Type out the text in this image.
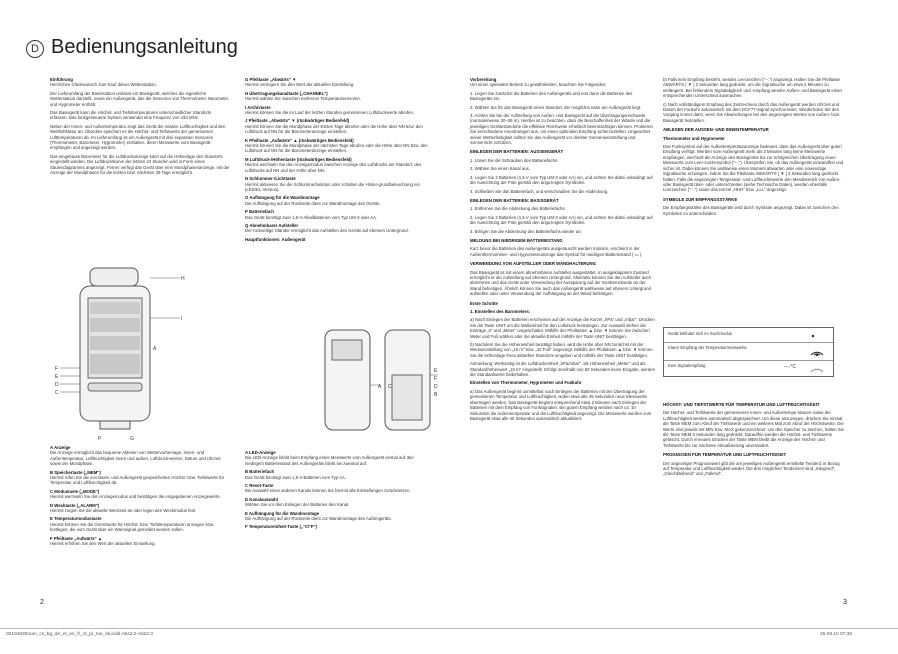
D Bedienungsanleitung

Einführung
Herzlichen Glückwunsch zum Kauf dieser Wetterstation.

Der Lieferumfang der Basisstation umfasst ein Basisgerät, welches die eigentliche Wetterstation darstellt, sowie ein Außengerät, das die Sensoren von Thermometer, Barometer und Hygrometer enthält.

Das Basisgerät kann die Höchst- und Tiefsttemperaturen unterschiedlicher Standorte erfassen. Das funkgesteuerte System verwendet eine Frequenz von 433 MHz.

Neben der Innen- und Außentemperatur zeigt das Gerät die relative Luftfeuchtigkeit und den Wetthöhfaktor an. Überdies speichert es die Höchst- und Tiefstwerte der gemessenen Lufttemperaturen ab. Im Lieferumfang ist ein Außengerät mit drei separaten Sensoren (Thermometer, Barometer, Hygrometer) enthalten, deren Messwerte vom Basisgerät empfangen und angezeigt werden.

Das eingebaute Barometer für die Luftdruckanzeige kann auf die Höhenlage des Standorts eingestellt werden. Die Luftdrucktkurve der letzten 24 Stunden wird in Form eines Säulendiagramms angezeigt. Ferner verfügt das Gerät über eine Mondphasenanzeige, mit der Anzeige der Mondphasen für die letzten bzw. nächsten 39 Tage ermöglicht.

H
I
A
F
E
D
C
P	G

A Anzeige
Die Anzeige ermöglicht das bequeme Ablesen von Wettervorhersage, Innen- und Außentemperatur, Luftfeuchtigkeit innen und außen, Luftdruck-werten, Datum und Uhrzeit sowie der Mondphase.

B Speichertaste („MEM")
Hiermit rufen Sie die von Basis- und Außengerät gespeicherten Höchst- bzw. Tiefstwerte für Temperatur und Luftfeuchtigkeit ab.

C Modustaste („MODE")
Hiermit wechseln Sie den Anzeigemodus und bestätigen die eingegebenen Anzeigewerte.

D Wecktaste („ALARM")
Hiermit zeigen Sie die aktuelle Weckzeit an oder legen den Weckmodus fest.

E Temperaturmodustaste
Hiermit können Sie die Grenzwerte für Höchst- bzw. Tiefsttemperaturen anzeigen bzw. festlegen, die vom Gerät über ein Warnsignal gemeldet werden sollen.

F Pfeiltaste „Aufwärts" ▲
Hiermit erhöhen Sie den Wert der aktuellen Einstellung.

G Pfeiltaste „Abwärts" ▼
Hiermit verringern Sie den Wert der aktuellen Einstellung.

H Übertragungskanaltaste („CHANNEL")
Hiermit wählen Sie zwischen mehreren Temperatursensoren.

I Archivtaste
Hiermit können Sie die im Lauf der letzten Stunden gemessenen Luftdruckwerte abrufen.

J Pfeiltaste „Abwärts" ▼ (rückwärtiges Bedienfeld)
Hiermit können Sie die Mondphase der letzten Tage abrufen oder die Höhe über NN bzw. den Luftdruck auf NN für die Barometeranzeige einstellen.

K Pfeiltaste „Aufwärts" ▲ (rückwärtiges Bediensfeld)
Hiermit können Sie die Mondphase der nächsten Tage abrufen oder die Höhe über NN bzw. den Luftdruck auf NN für die Barometeranzeige einstellen.

M Luftdruck-/Höhentaste (rückwärtiges Bediensfeld)
Hiermit wechseln Sie den Anzeigemodus zwischen Anzeige des Luftdrucks am Standort, des Luftdrucks auf NN und der Höhe über NN.

N Schlummer-/Lichttaste
Hiermit aktivieren Sie die Schlummerfunktion oder schalten die Hinter-grundbeleuchtung ein (LED/EL-Version).

O Aufhängung für die Wandmontage
Die Aufhängung auf der Rückseite dient zur Wandmontage des Geräts.

P Batteriefach
Das Gerät benötigt zwei 1,5-V-Alkalibatterien vom Typ UM-3 oder AA.

Q Abnehmbarer Aufsteller
Der rückseitige Ständer ermöglicht das Aufstellen des Geräts auf ebenem Untergrund.

Hauptfunktionen: Außengerät

A C
E
F
D
B

A LED-Anzeige
Die LED-Anzeige blinkt beim Empfang eines Messwerts vom Außengerät einmal auf. Bei niedrigem Batteriestand des Außengeräts blinkt sie zweimal auf.

B Batteriefach
Das Gerät benötigt zwei 1,5-V-Batterien vom Typ AA.

C Reset-Taste
Bei Auswahl eines anderen Kanals können Sie hiermit alle Einstellungen zurücksetzen.

D Kanalauswahl
Wählen Sie vor dem Einlegen der Batterien den Kanal.

E Aufhängung für die Wandmontage
Die Aufhängung auf der Rückseite dient zur Wandmontage des Außengeräts.

F Temperatureinheit-Taste („°C/°F")

Vorbereitung
Um einen optimalen Betrieb zu gewährleisten, beachten Sie Folgendes:

1. Legen Sie zunächst die Batterien des Außengeräts und erst dann die Batterien des Basisgeräts ein.

2. Wählen Sie für das Basisgerät einen Standort, der möglichst nahe am Außengerät liegt.

3. Achten Sie bei der Aufstellung von Außen- und Basisgerät auf die Übertragungsreichweite (normalerweise 30–36 m). Hierbei ist zu beachten, dass die Beschaffenheit der Wände und die jeweiligen Gerätestandorte die effektive Reichweite erheblich beeinträchtigen können. Probieren Sie verschiedene Anordnungen aus, um einen optimalen Empfang sicherzustellen. Ungeachtet seiner Wetterfestigkeit sollten Sie das Außengerät vor direkter Sonneneinstrahlung und Sonnenlicht schützen.

EINLEGEN DER BATTERIEN: AUSSENGERÄT

1. Lösen Sie die Schrauben des Batteriefachs.

2. Wählen Sie einen Kanal aus.

3. Legen Sie 2 Batterien (1,5 V vom Typ UM-3 oder AA) ein, und achten Sie dabei unbedingt auf die Ausrichtung der Pole gemäß den angezeigten Symbolen.

4. Schließen Sie das Batteriefach, und verschrauben Sie die Abdeckung.

EINLEGEN DER BATTERIEN: BASISGERÄT

1. Entfernen Sie die Abdeckung des Batteriefachs.

2. Legen Sie 2 Batterien (1,5 V vom Typ UM-3 oder AA) ein, und achten Sie dabei unbedingt auf die Ausrichtung der Pole gemäß den angezeigten Symbolen.

3. Bringen Sie die Abdeckung des Batteriefachs wieder an.

MELDUNG BEI NIEDRIGEM BATTERIESTAND

Kurz bevor die Batterien des Außengeräts ausgetauscht werden müssen, erscheint in der Außenthermometer- und Hygrometeranzeige das Symbol für niedrigen Batteriestand ( ▭ ).

VERWENDUNG VON AUFSTELLER ODER WANDHALTERUNG

Das Basisgerät ist mit einem abnehmbaren Aufsteller ausgestattet. In ausgeklapptem Zustand ermöglicht er die Aufstellung auf ebenem Untergrund. Alternativ können Sie den Aufsteller auch abnehmen und das Gerät unter Verwendung der Aussparung auf der Geräterückseite an der Wand befestigen. Ähnlich können Sie auch das Außengerät wahlweise auf ebenem Untergrund aufstellen oder unter Verwendung der Aufhängung an der Wand befestigen.

Erste Schritte

1. Einstellen des Barometers:

a) Nach Einlegen der Batterien erscheinen auf der Anzeige die Kürzel „hPa" und „mbar". Drücken Sie die Taste UNIT um die Maßeinheit für den Luftdruck festzulegen. Zur Auswahl stehen die Einträge „0" und „Meter" umgeschaltet. Mithilfe der Pfeiltasten ▲ bzw. ▼ können Sie zwischen Meter und Fuß wählen oder die aktuelle Einheit mithilfe der Taste UNIT bestätigen.

b) Nachdem Sie die Höheneinheit bestätigt haben, wird die Höhe über NN zunächst mit der Werkseinstellung von „10 m" bzw. „32 Fuß" angezeigt. Mithilfe der Pfeiltasten ▲ bzw. ▼ können Sie die Höhenlage Ihres aktuellen Standorts eingeben und mithilfe der Taste UNIT bestätigen.

Anmerkung: Werkseitig ist als Luftdruckeinheit „hPa/mbar", als Höheneinheit „Meter" und als Standardhöhenwert „10 m" eingestellt. Erfolgt innerhalb von 60 Sekunden keine Eingabe, werden die Standardwerte beibehalten.

Einstellen von Thermometer, Hygrometer und Funkuhr

a) Das Außengerät beginnt unmittelbar nach Einlegen der Batterien mit der Übertragung der gemessenen Temperatur und Luftfeuchtigkeit, wobei etwa alle 45 Sekunden neue Messwerte übertragen werden. Das Basisgerät beginnt entsprechend etwa 2 Minuten nach Einlegen der Batterien mit dem Empfang von Funksignalen. Bei gutem Empfang werden nach ca. 10 Sekunden die Außentemperatur und die Luftfeuchtigkeit angezeigt. Die Messwerte werden vom Basisgerät etwa alle 45 Sekunden automatisch aktualisiert.

b) Falls kein Empfang besteht, werden Leerzeichen ("--.") angezeigt. Halten Sie die Pfeiltaste ABWÄRTS [ ▼ ] 2 Sekunden lang gedrückt, um die Signalsuche um etwa 2 Minuten zu verlängern. Bei fehlendem Signalabgleich und -empfang werden Außen- und Basisgerät einen entsprechenden Unterschied ausmachen.

c) Nach vollständigem Empfang des Zeitzeichens durch das Außengerät werden Uhrzeit und Datum der Funkuhr automatisch mit dem DCF77-Signal synchronisiert. Wiederholen Sie den Vorgang immer dann, wenn Sie Abweichungen bei den angezeigten Werten von Außen- bzw. Basisgerät feststellen.

ABLESEN DER AUSSEN- UND INNENTEMPERATUR

Thermometer und Hygrometer

Das Funksymbol auf der Außentemperaturanzeige bedeutet, dass das Außengerät über guten Empfang verfügt. Werden vom Außengerät mehr als 3 Minuten lang keine Messwerte empfangen, wechselt die Anzeige des Basisgeräts bis zur erfolgreichen Übertragung neuer Messwerte zum Leer-zeichenymbol ("--."). Überprüfen Sie, ob das Außengerät einwandfrei und sicher ist. Dabei können Sie wahlweise einen Moment abwarten oder eine sowenstige Signalsuche erzwingen, indem Sie die Pfeiltaste ABWÄRTS [ ▼ ] 2 Sekunden lang gedrückt halten. Falls die angezeigten Temperatur- und Luftfeuchtewerte den Messbereich von Außen- oder Basisgerät über- oder unterschreiten (siehe Technische Daten), werden ebenfalls Leerzeichen ("--.") sowie das Kürzel „HHH" bzw. „LLL" angezeigt.

SYMBOLE ZUR EMPFANGSSTÄRKE

Die Empfangsstärke des Basisgeräts wird durch Symbole angezeigt. Dabei ist zwischen drei Symbolen zu unterscheiden:

Gerät befindet sich im Suchmodus
Klarer Empfang der Temperaturmesswerte
Kein Signalempfang	--.-°C

HÖCHST- UND TIEFSTWERTE FÜR TEMPERATUR UND LUFTFEUCHTIGKEIT

Die Höchst- und Tiefstwerte der gemessenen Innen- und Außentempe-raturen sowie der Luftfeuchtigkeit werden automatisch abgespeichert. Um diese anzuzeigen, drücken Sie einmal die Taste MEM zum Abruf der Tiefstwerte und ein weiteres Mal zum Abruf der Höchstwerte. Die Werte sind jeweils mit MIN bzw. MAX gekennzeichnet. Um den Speicher zu löschen, halten Sie die Taste MEM 3 Sekunden lang gedrückt. Daraufhin werden die Höchst- und Tiefstwerte gelöscht. Durch erneutes Drücken der Taste MEM bleibt die Anzeige der Höchst- und Tiefstwerte bis zur nächsten Aktualisierung unverändert.

PROGNOSEN FÜR TEMPERATUR UND LUFTFEUCHTIGKEIT

Der angezeigte Prognosewert gibt die am jeweiligen Außengerät ermittelte Tendenz in Bezug auf Temperatur und Luftfeuchtigkeit wieder. Die drei möglichen Tendenzen sind „Steigend", „Gleichbleibend" und „Fallend".

2	3
00104930man_cs_bg_de_el_en_fr_nl_pl_rue_sk.indd Abs2:2-Abs2:3	25.09.10 07:35
